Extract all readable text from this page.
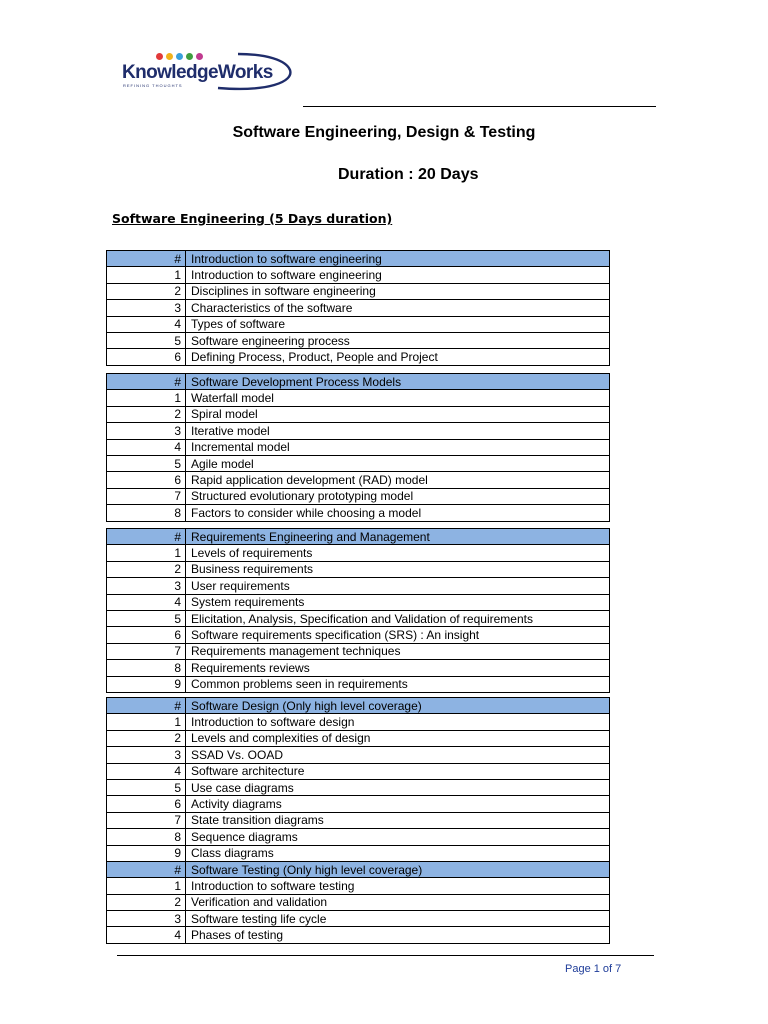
KnowledgeWorks
REFINING THOUGHTS
Software Engineering, Design & Testing
Duration : 20 Days
Software Engineering (5 Days duration)
#	Introduction to software engineering
1	Introduction to software engineering
2	Disciplines in software engineering
3	Characteristics of the software
4	Types of software
5	Software engineering process
6	Defining Process, Product, People and Project
#	Software Development Process Models
1	Waterfall model
2	Spiral model
3	Iterative model
4	Incremental model
5	Agile model
6	Rapid application development (RAD) model
7	Structured evolutionary prototyping model
8	Factors to consider while choosing a model
#	Requirements Engineering and Management
1	Levels of requirements
2	Business requirements
3	User requirements
4	System requirements
5	Elicitation, Analysis, Specification and Validation of requirements
6	Software requirements specification (SRS) : An insight
7	Requirements management techniques
8	Requirements reviews
9	Common problems seen in requirements
#	Software Design (Only high level coverage)
1	Introduction to software design
2	Levels and complexities of design
3	SSAD Vs. OOAD
4	Software architecture
5	Use case diagrams
6	Activity diagrams
7	State transition diagrams
8	Sequence diagrams
9	Class diagrams
#	Software Testing (Only high level coverage)
1	Introduction to software testing
2	Verification and validation
3	Software testing life cycle
4	Phases of testing
Page 1 of 7
